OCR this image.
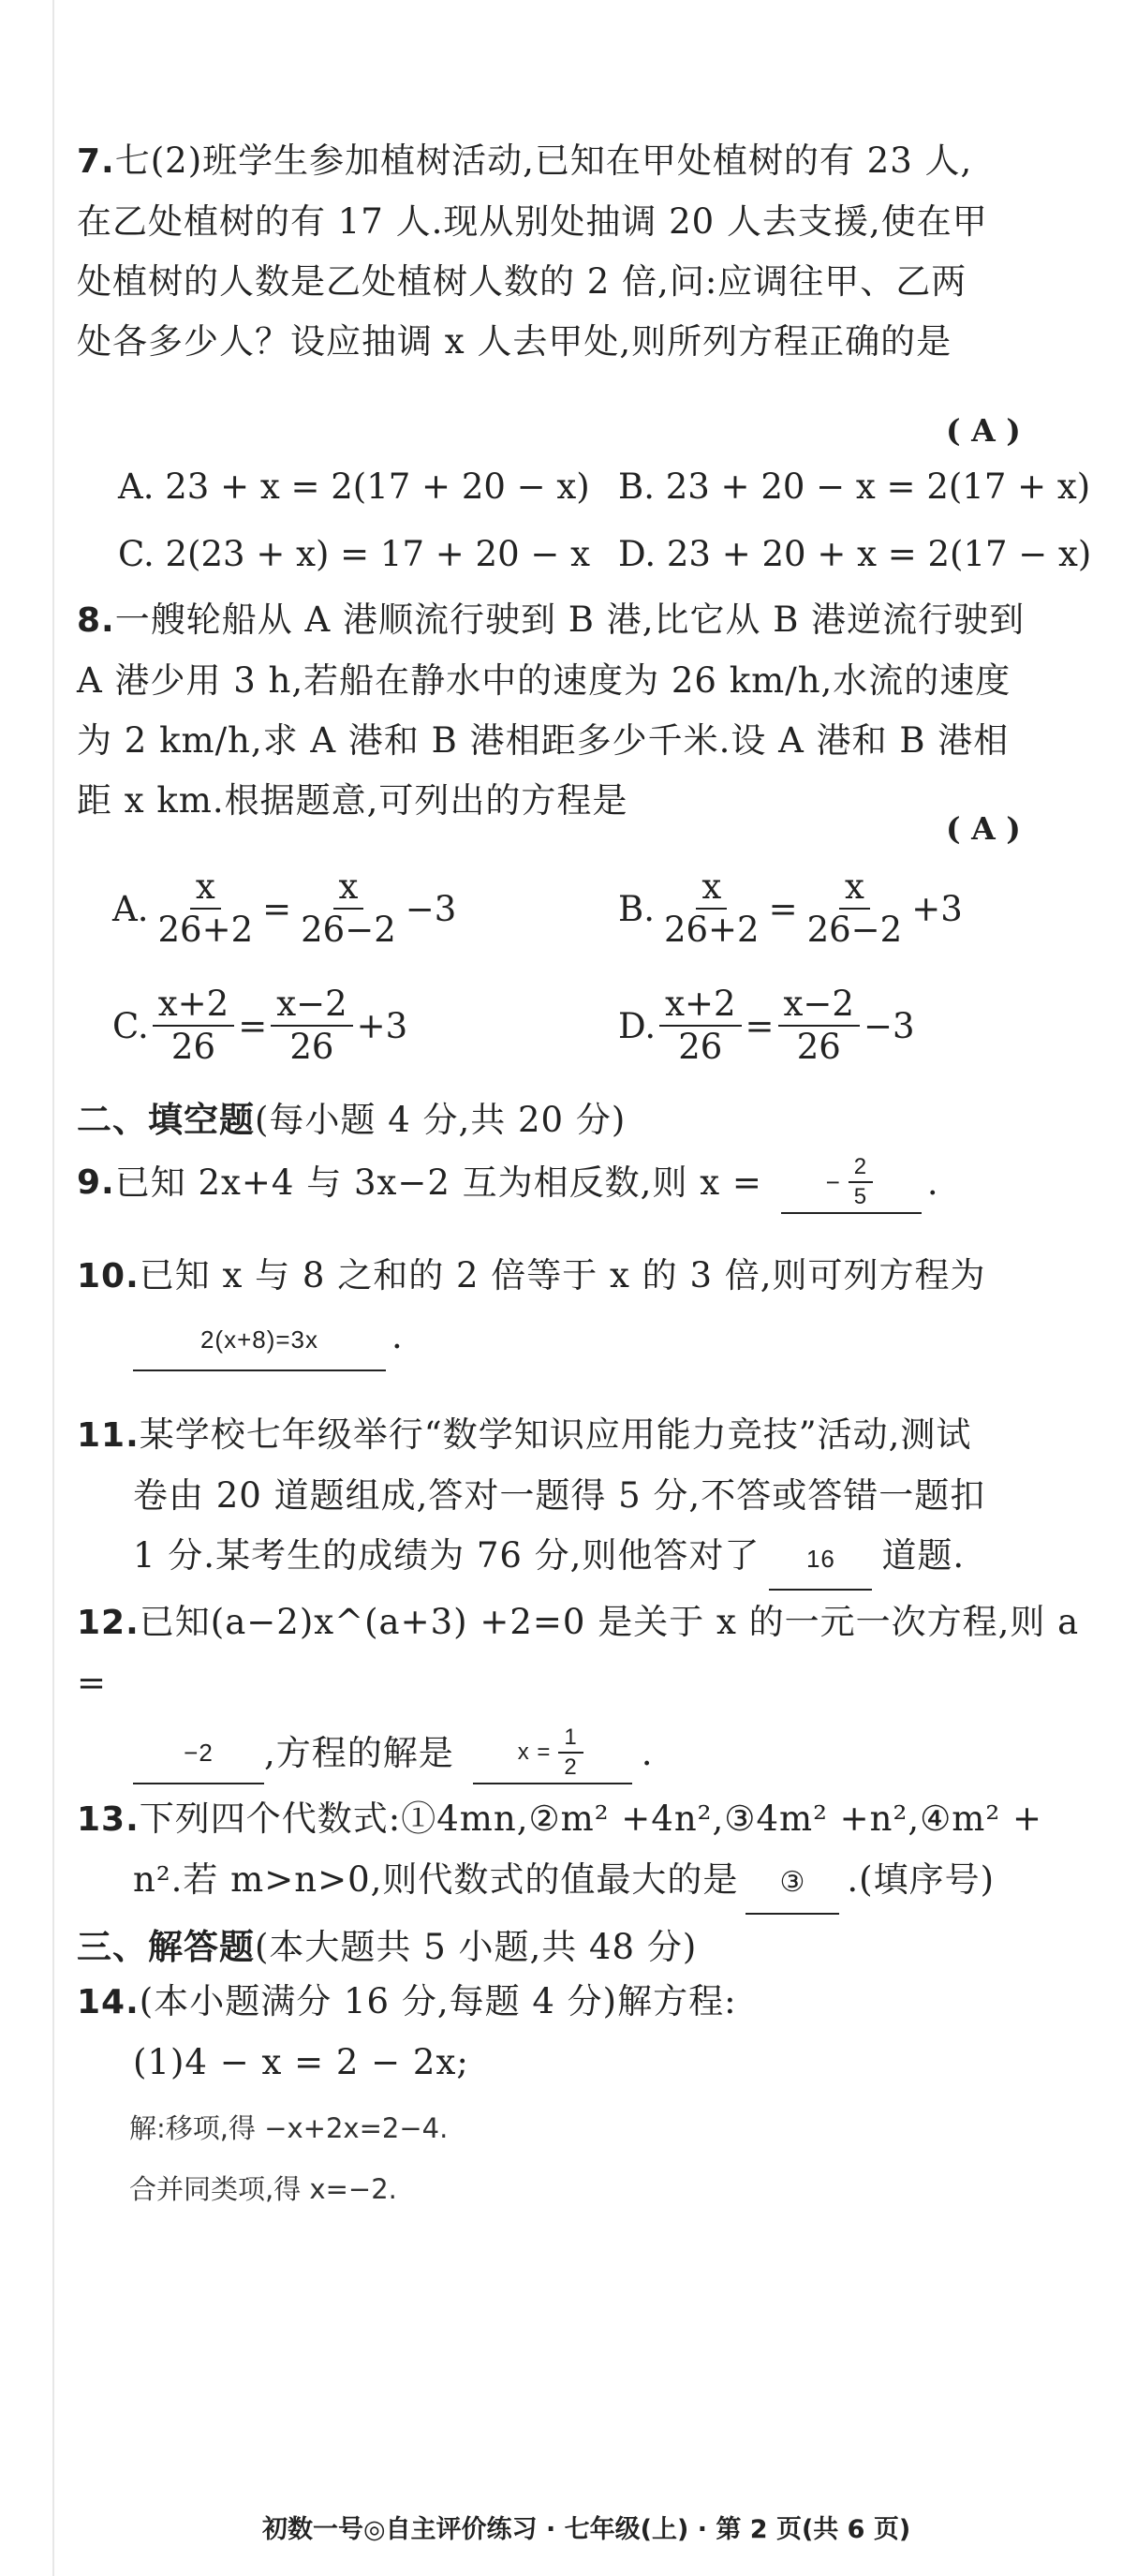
7.七(2)班学生参加植树活动,已知在甲处植树的有 23 人,
在乙处植树的有 17 人.现从别处抽调 20 人去支援,使在甲
处植树的人数是乙处植树人数的 2 倍,问:应调往甲、乙两
处各多少人？设应抽调 x 人去甲处,则所列方程正确的是
( A )
A. 23 + x = 2(17 + 20 − x) B. 23 + 20 − x = 2(17 + x)
C. 2(23 + x) = 17 + 20 − x D. 23 + 20 + x = 2(17 − x)
8.一艘轮船从 A 港顺流行驶到 B 港,比它从 B 港逆流行驶到
A 港少用 3 h,若船在静水中的速度为 26 km/h,水流的速度
为 2 km/h,求 A 港和 B 港相距多少千米.设 A 港和 B 港相
距 x km.根据题意,可列出的方程是
( A )
A. $\frac{x}{26+2} = \frac{x}{26-2} -3$	B. $\frac{x}{26+2} = \frac{x}{26-2} +3$
C. $\frac{x+2}{26} = \frac{x-2}{26} +3$	D. $\frac{x+2}{26} = \frac{x-2}{26} -3$
二、填空题(每小题 4 分,共 20 分)
9. 已知 2x+4 与 3x−2 互为相反数,则 x =	− $\frac{2}{5}$ .
10.已知 x 与 8 之和的 2 倍等于 x 的 3 倍,则可列方程为
2(x+8)=3x .
11.某学校七年级举行“数学知识应用能力竞技”活动,测试
卷由 20 道题组成,答对一题得 5 分,不答或答错一题扣
1 分.某考生的成绩为 76 分,则他答对了 16 道题.
12.已知(a−2)x^(a+3) +2=0 是关于 x 的一元一次方程,则 a =
−2	,方程的解是	$x = \frac{1}{2}$ .
13.下列四个代数式:①4mn,②m² +4n²,③4m² +n²,④m² +
n².若 m>n>0,则代数式的值最大的是 ③ .(填序号)
三、解答题(本大题共 5 小题,共 48 分)
14.(本小题满分 16 分,每题 4 分)解方程:
(1)4 − x = 2 − 2x;
解:移项,得 −x+2x=2−4.
合并同类项,得 x=−2.
初数一号◎自主评价练习 · 七年级(上) · 第 2 页(共 6 页)
